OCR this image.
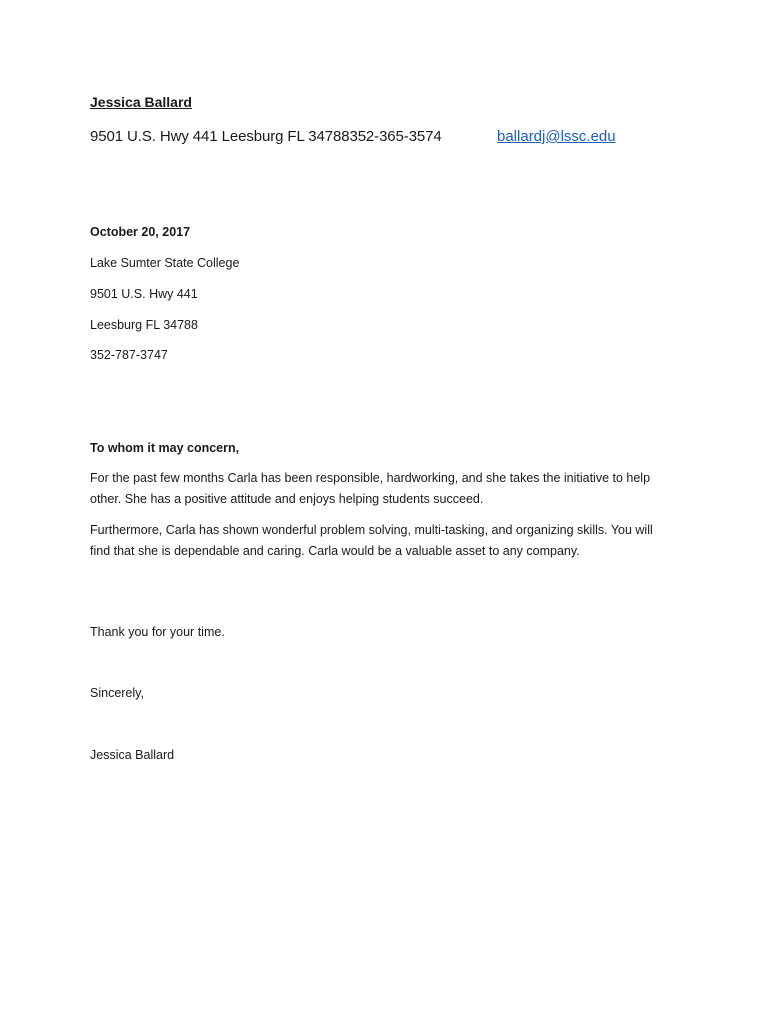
Jessica Ballard
9501 U.S. Hwy 441 Leesburg FL 34788352-365-3574	ballardj@lssc.edu
October 20, 2017
Lake Sumter State College
9501 U.S. Hwy 441
Leesburg FL 34788
352-787-3747
To whom it may concern,
For the past few months Carla has been responsible, hardworking, and she takes the initiative to help other. She has a positive attitude and enjoys helping students succeed.
Furthermore, Carla has shown wonderful problem solving, multi-tasking, and organizing skills. You will find that she is dependable and caring. Carla would be a valuable asset to any company.
Thank you for your time.
Sincerely,
Jessica Ballard
